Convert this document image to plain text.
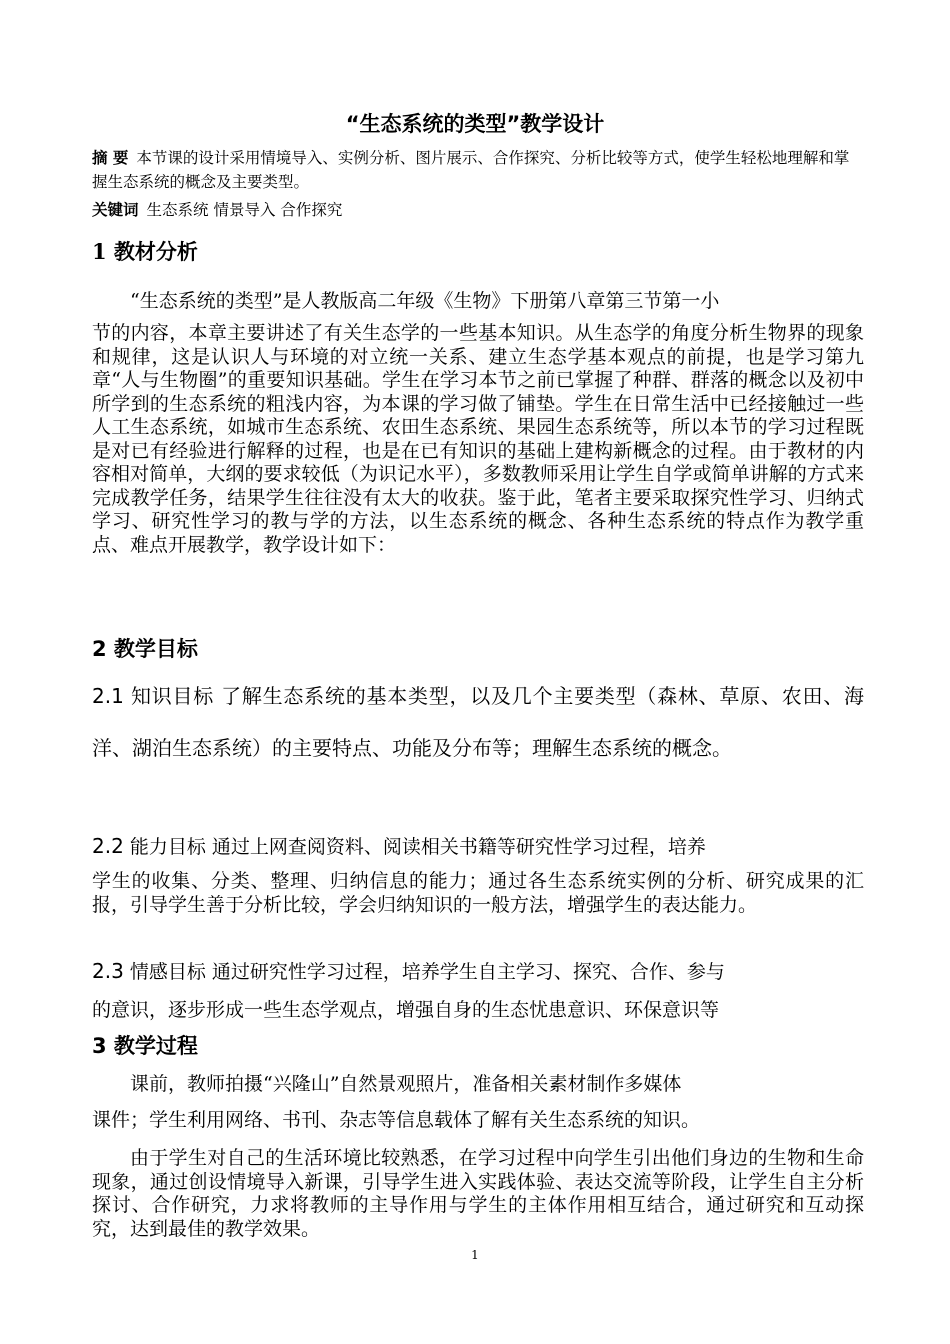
“生态系统的类型”教学设计
摘 要 本节课的设计采用情境导入、实例分析、图片展示、合作探究、分析比较等方式，使学生轻松地理解和掌握生态系统的概念及主要类型。
关键词 生态系统 情景导入 合作探究
1 教材分析
“生态系统的类型”是人教版高二年级《生物》下册第八章第三节第一小
节的内容，本章主要讲述了有关生态学的一些基本知识。从生态学的角度分析生物界的现象和规律，这是认识人与环境的对立统一关系、建立生态学基本观点的前提，也是学习第九章“人与生物圈”的重要知识基础。学生在学习本节之前已掌握了种群、群落的概念以及初中所学到的生态系统的粗浅内容，为本课的学习做了铺垫。学生在日常生活中已经接触过一些人工生态系统，如城市生态系统、农田生态系统、果园生态系统等，所以本节的学习过程既是对已有经验进行解释的过程，也是在已有知识的基础上建构新概念的过程。由于教材的内容相对简单，大纲的要求较低（为识记水平），多数教师采用让学生自学或简单讲解的方式来完成教学任务，结果学生往往没有太大的收获。鉴于此，笔者主要采取探究性学习、归纳式学习、研究性学习的教与学的方法，以生态系统的概念、各种生态系统的特点作为教学重点、难点开展教学，教学设计如下：
2 教学目标
2.1 知识目标 了解生态系统的基本类型，以及几个主要类型（森林、草原、农田、海洋、湖泊生态系统）的主要特点、功能及分布等；理解生态系统的概念。
2.2 能力目标 通过上网查阅资料、阅读相关书籍等研究性学习过程，培养
学生的收集、分类、整理、归纳信息的能力；通过各生态系统实例的分析、研究成果的汇报，引导学生善于分析比较，学会归纳知识的一般方法，增强学生的表达能力。
2.3 情感目标 通过研究性学习过程，培养学生自主学习、探究、合作、参与
的意识，逐步形成一些生态学观点，增强自身的生态忧患意识、环保意识等
3 教学过程
课前，教师拍摄“兴隆山”自然景观照片，准备相关素材制作多媒体
课件；学生利用网络、书刊、杂志等信息载体了解有关生态系统的知识。
由于学生对自己的生活环境比较熟悉，在学习过程中向学生引出他们身边的生物和生命现象，通过创设情境导入新课，引导学生进入实践体验、表达交流等阶段，让学生自主分析探讨、合作研究，力求将教师的主导作用与学生的主体作用相互结合，通过研究和互动探究，达到最佳的教学效果。
1
